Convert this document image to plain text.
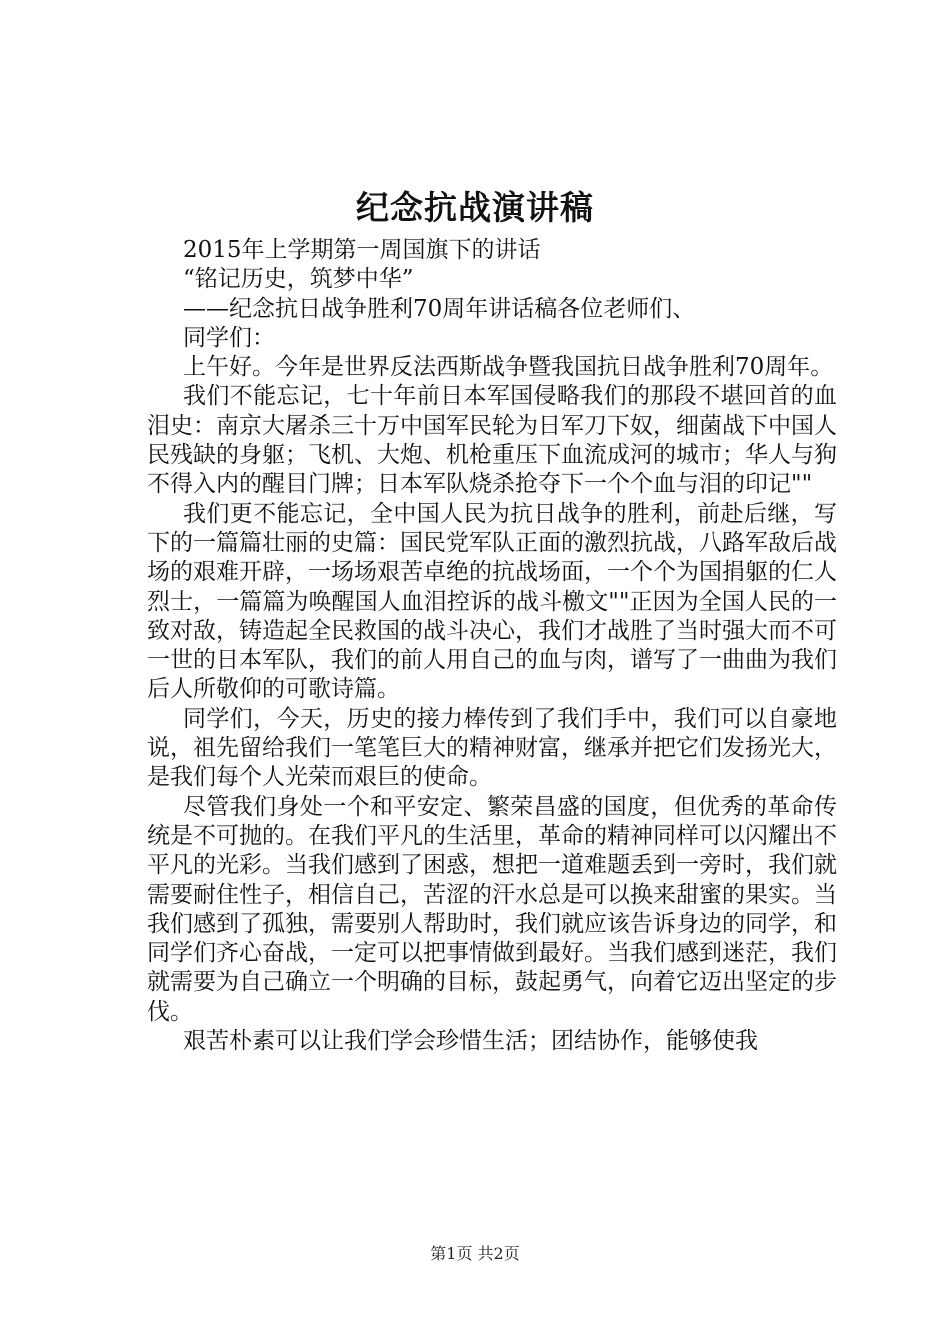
纪念抗战演讲稿

2015年上学期第一周国旗下的讲话

“铭记历史，筑梦中华”

——纪念抗日战争胜利70周年讲话稿各位老师们、

同学们：

上午好。今年是世界反法西斯战争暨我国抗日战争胜利70周年。

我们不能忘记，七十年前日本军国侵略我们的那段不堪回首的血泪史：南京大屠杀三十万中国军民轮为日军刀下奴，细菌战下中国人民残缺的身躯；飞机、大炮、机枪重压下血流成河的城市；华人与狗不得入内的醒目门牌；日本军队烧杀抢夺下一个个血与泪的印记""

我们更不能忘记，全中国人民为抗日战争的胜利，前赴后继，写下的一篇篇壮丽的史篇：国民党军队正面的激烈抗战，八路军敌后战场的艰难开辟，一场场艰苦卓绝的抗战场面，一个个为国捐躯的仁人烈士，一篇篇为唤醒国人血泪控诉的战斗檄文""正因为全国人民的一致对敌，铸造起全民救国的战斗决心，我们才战胜了当时强大而不可一世的日本军队，我们的前人用自己的血与肉，谱写了一曲曲为我们后人所敬仰的可歌诗篇。

同学们，今天，历史的接力棒传到了我们手中，我们可以自豪地说，祖先留给我们一笔笔巨大的精神财富，继承并把它们发扬光大，是我们每个人光荣而艰巨的使命。

尽管我们身处一个和平安定、繁荣昌盛的国度，但优秀的革命传统是不可抛的。在我们平凡的生活里，革命的精神同样可以闪耀出不平凡的光彩。当我们感到了困惑，想把一道难题丢到一旁时，我们就需要耐住性子，相信自己，苦涩的汗水总是可以换来甜蜜的果实。当我们感到了孤独，需要别人帮助时，我们就应该告诉身边的同学，和同学们齐心奋战，一定可以把事情做到最好。当我们感到迷茫，我们就需要为自己确立一个明确的目标，鼓起勇气，向着它迈出坚定的步伐。

艰苦朴素可以让我们学会珍惜生活；团结协作，能够使我

第1页 共2页
